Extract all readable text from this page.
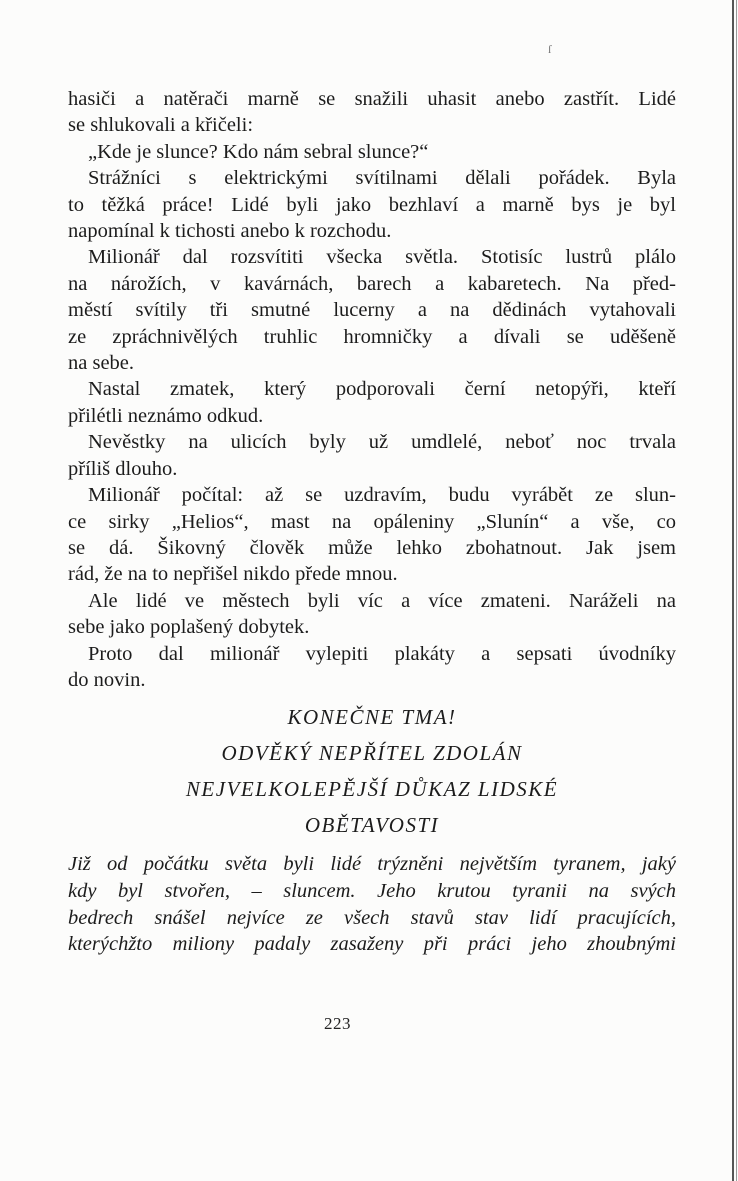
ſ
hasiči a natěrači marně se snažili uhasit anebo zastřít. Lidé
se shlukovali a křičeli:
„Kde je slunce? Kdo nám sebral slunce?“
Strážníci s elektrickými svítilnami dělali pořádek. Byla
to těžká práce! Lidé byli jako bezhlaví a marně bys je byl
napomínal k tichosti anebo k rozchodu.
Milionář dal rozsvítiti všecka světla. Stotisíc lustrů plálo
na nárožích, v kavárnách, barech a kabaretech. Na před-
městí svítily tři smutné lucerny a na dědinách vytahovali
ze zpráchnivělých truhlic hromničky a dívali se uděšeně
na sebe.
Nastal zmatek, který podporovali černí netopýři, kteří
přilétli neznámo odkud.
Nevěstky na ulicích byly už umdlelé, neboť noc trvala
příliš dlouho.
Milionář počítal: až se uzdravím, budu vyrábět ze slun-
ce sirky „Helios“, mast na opáleniny „Slunín“ a vše, co
se dá. Šikovný člověk může lehko zbohatnout. Jak jsem
rád, že na to nepřišel nikdo přede mnou.
Ale lidé ve městech byli víc a více zmateni. Naráželi na
sebe jako poplašený dobytek.
Proto dal milionář vylepiti plakáty a sepsati úvodníky
do novin.
KONEČNE TMA!
ODVĚKÝ NEPŘÍTEL ZDOLÁN
NEJVELKOLEPĚJŠÍ DŮKAZ LIDSKÉ
OBĚTAVOSTI
Již od počátku světa byli lidé trýzněni největším tyranem, jaký
kdy byl stvořen, – sluncem. Jeho krutou tyranii na svých
bedrech snášel nejvíce ze všech stavů stav lidí pracujících,
kterýchžto miliony padaly zasaženy při práci jeho zhoubnými
223
